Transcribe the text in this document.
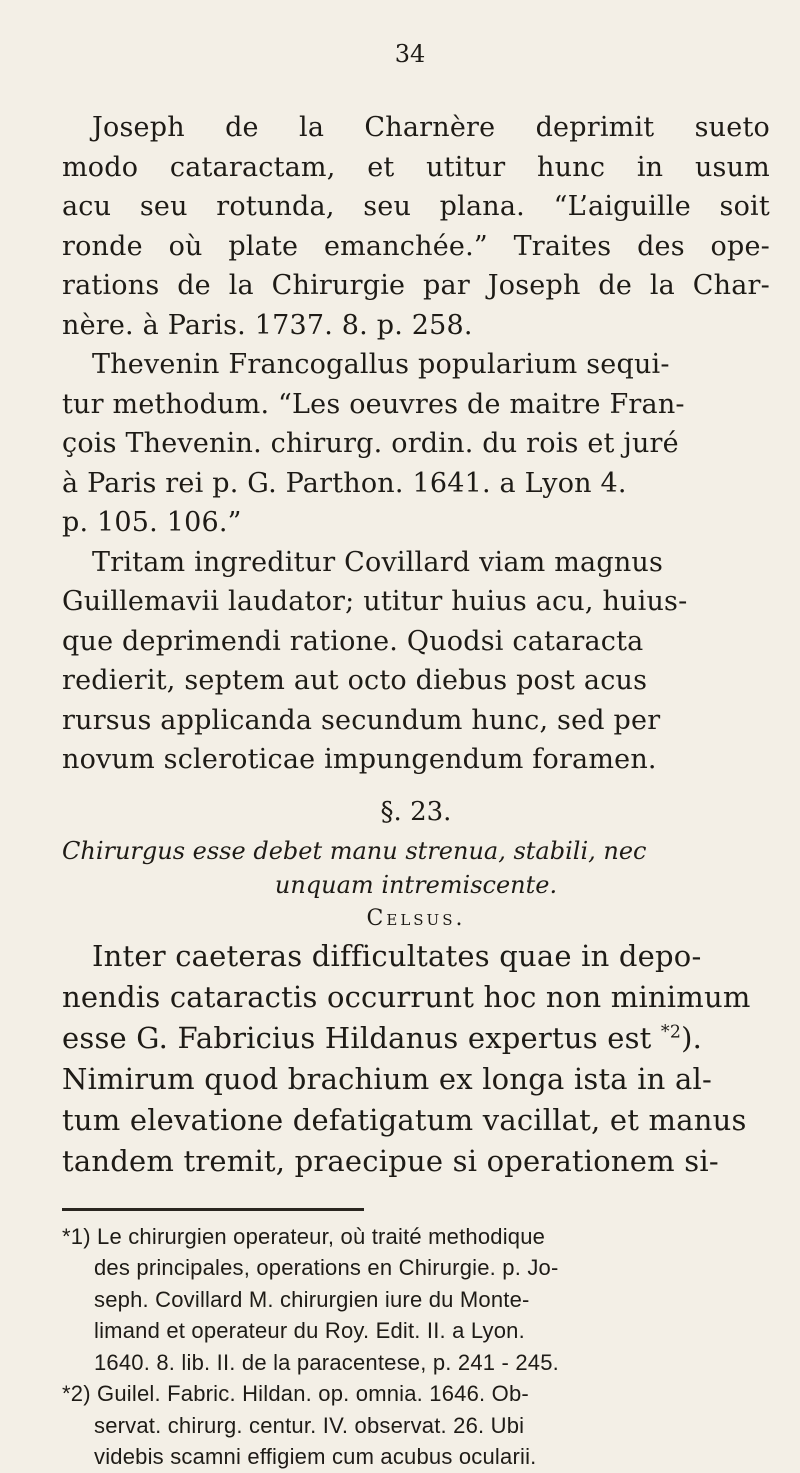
34
Joseph de la Charnère deprimit sueto
modo cataractam, et utitur hunc in usum
acu seu rotunda, seu plana. “L’aiguille soit
ronde où plate emanchée.” Traites des ope-
rations de la Chirurgie par Joseph de la Char-
nère. à Paris. 1737. 8. p. 258.
Thevenin Francogallus popularium sequi-
tur methodum. “Les oeuvres de maitre Fran-
çois Thevenin. chirurg. ordin. du rois et juré
à Paris rei p. G. Parthon. 1641. a Lyon 4.
p. 105. 106.”
Tritam ingreditur Covillard viam magnus
Guillemavii laudator; utitur huius acu, huius-
que deprimendi ratione. Quodsi cataracta
redierit, septem aut octo diebus post acus
rursus applicanda secundum hunc, sed per
novum scleroticae impungendum foramen.
§. 23.
Chirurgus esse debet manu strenua, stabili, nec
unquam intremiscente.
Celsus.
Inter caeteras difficultates quae in depo-
nendis cataractis occurrunt hoc non minimum
esse G. Fabricius Hildanus expertus est $^{*2}$).
Nimirum quod brachium ex longa ista in al-
tum elevatione defatigatum vacillat, et manus
tandem tremit, praecipue si operationem si-
*1) Le chirurgien operateur, où traité methodique
des principales, operations en Chirurgie. p. Jo-
seph. Covillard M. chirurgien iure du Monte-
limand et operateur du Roy. Edit. II. a Lyon.
1640. 8. lib. II. de la paracentese, p. 241 - 245.
*2) Guilel. Fabric. Hildan. op. omnia. 1646. Ob-
servat. chirurg. centur. IV. observat. 26. Ubi
videbis scamni effigiem cum acubus ocularii.
